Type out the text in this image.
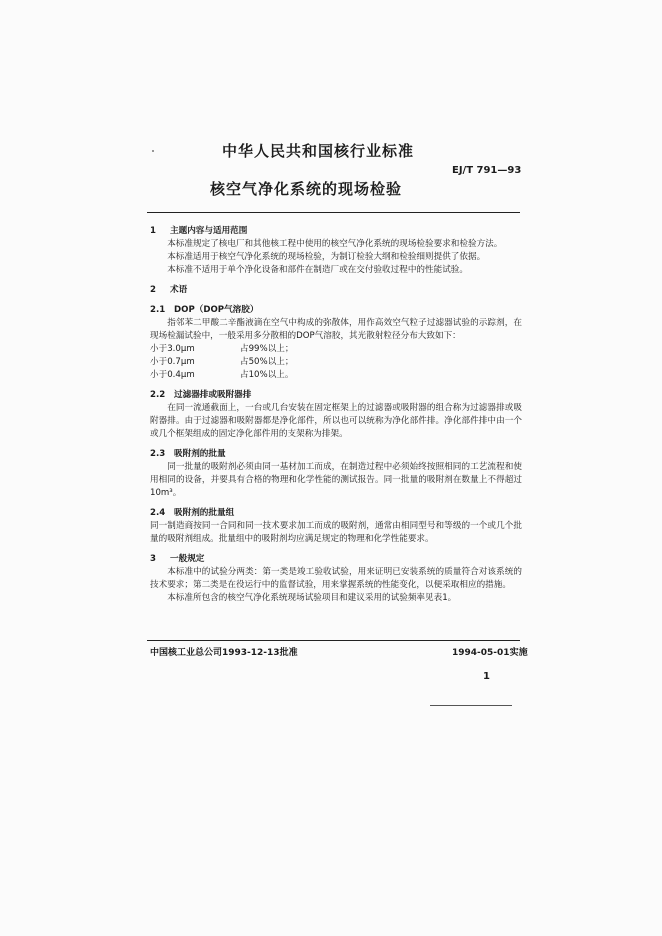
中华人民共和国核行业标准
EJ/T 791—93
核空气净化系统的现场检验
1 主题内容与适用范围
本标准规定了核电厂和其他核工程中使用的核空气净化系统的现场检验要求和检验方法。
本标准适用于核空气净化系统的现场检验，为制订检验大纲和检验细则提供了依据。
本标准不适用于单个净化设备和部件在制造厂或在交付验收过程中的性能试验。
2 术语
2.1 DOP（DOP气溶胶）
指邻苯二甲酸二辛酯液滴在空气中构成的弥散体，用作高效空气粒子过滤器试验的示踪剂，在现场检漏试验中，一般采用多分散相的DOP气溶胶，其光散射粒径分布大致如下：
小于3.0μm	占99%以上；
小于0.7μm	占50%以上；
小于0.4μm	占10%以上。
2.2 过滤器排或吸附器排
在同一流通截面上，一台或几台安装在固定框架上的过滤器或吸附器的组合称为过滤器排或吸附器排。由于过滤器和吸附器都是净化部件，所以也可以统称为净化部件排。净化部件排中由一个或几个框架组成的固定净化部件用的支架称为排架。
2.3 吸附剂的批量
同一批量的吸附剂必须由同一基材加工而成，在制造过程中必须始终按照相同的工艺流程和使用相同的设备，并要具有合格的物理和化学性能的测试报告。同一批量的吸附剂在数量上不得超过10m³。
2.4 吸附剂的批量组
同一制造商按同一合同和同一技术要求加工而成的吸附剂，通常由相同型号和等级的一个或几个批量的吸附剂组成。批量组中的吸附剂均应满足规定的物理和化学性能要求。
3 一般规定
本标准中的试验分两类：第一类是竣工验收试验，用来证明已安装系统的质量符合对该系统的技术要求；第二类是在役运行中的监督试验，用来掌握系统的性能变化，以便采取相应的措施。
本标准所包含的核空气净化系统现场试验项目和建议采用的试验频率见表1。
中国核工业总公司1993-12-13批准	1994-05-01实施
1
